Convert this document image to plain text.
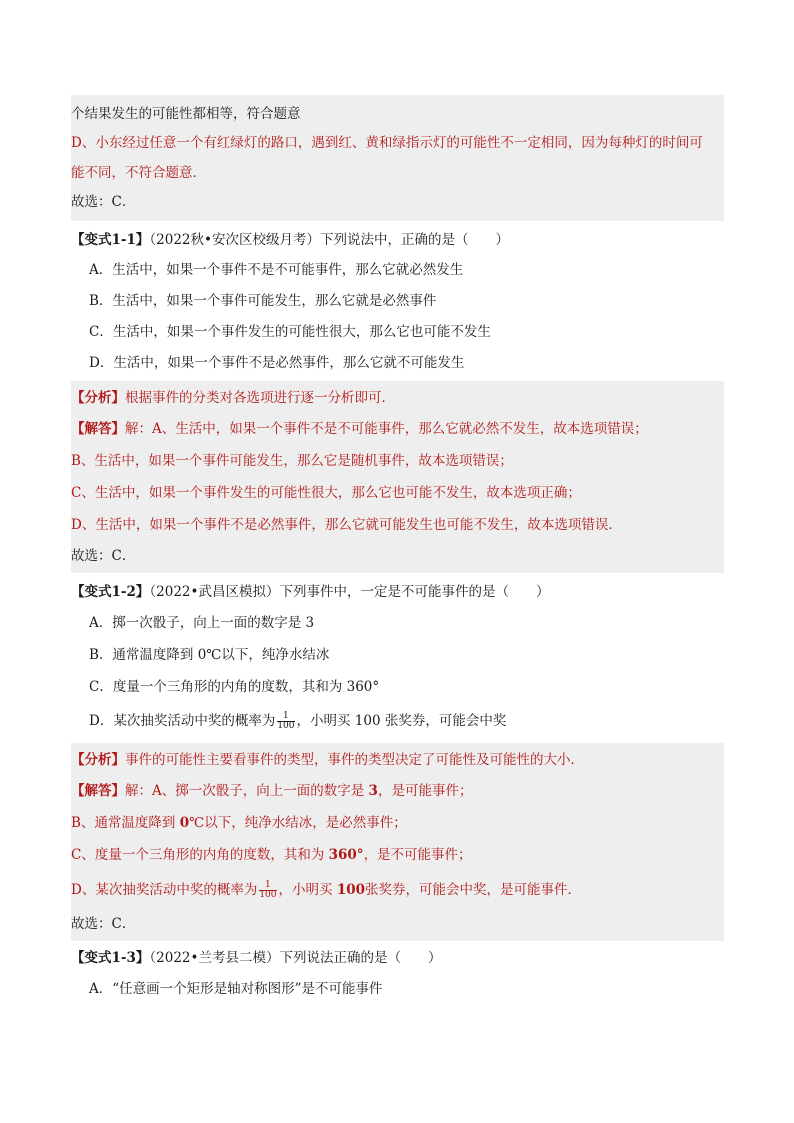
个结果发生的可能性都相等，符合题意
D、小东经过任意一个有红绿灯的路口，遇到红、黄和绿指示灯的可能性不一定相同，因为每种灯的时间可
能不同，不符合题意．
故选：C．
【变式1-1】（2022秋•安次区校级月考）下列说法中，正确的是（　　）
A．生活中，如果一个事件不是不可能事件，那么它就必然发生
B．生活中，如果一个事件可能发生，那么它就是必然事件
C．生活中，如果一个事件发生的可能性很大，那么它也可能不发生
D．生活中，如果一个事件不是必然事件，那么它就不可能发生
【分析】根据事件的分类对各选项进行逐一分析即可．
【解答】解：A、生活中，如果一个事件不是不可能事件，那么它就必然不发生，故本选项错误；
B、生活中，如果一个事件可能发生，那么它是随机事件，故本选项错误；
C、生活中，如果一个事件发生的可能性很大，那么它也可能不发生，故本选项正确；
D、生活中，如果一个事件不是必然事件，那么它就可能发生也可能不发生，故本选项错误．
故选：C．
【变式1-2】（2022•武昌区模拟）下列事件中，一定是不可能事件的是（　　）
A．掷一次骰子，向上一面的数字是 3
B．通常温度降到 0℃以下，纯净水结冰
C．度量一个三角形的内角的度数，其和为 360°
D．某次抽奖活动中奖的概率为 $\frac{1}{100}$ ，小明买 100 张奖券，可能会中奖
【分析】事件的可能性主要看事件的类型，事件的类型决定了可能性及可能性的大小．
【解答】解：A、掷一次骰子，向上一面的数字是 3，是可能事件；
B、通常温度降到 0℃以下，纯净水结冰，是必然事件；
C、度量一个三角形的内角的度数，其和为 360°，是不可能事件；
D、某次抽奖活动中奖的概率为 $\frac{1}{100}$ ，小明买 100张奖券，可能会中奖，是可能事件．
故选：C．
【变式1-3】（2022•兰考县二模）下列说法正确的是（　　）
A．“任意画一个矩形是轴对称图形”是不可能事件
